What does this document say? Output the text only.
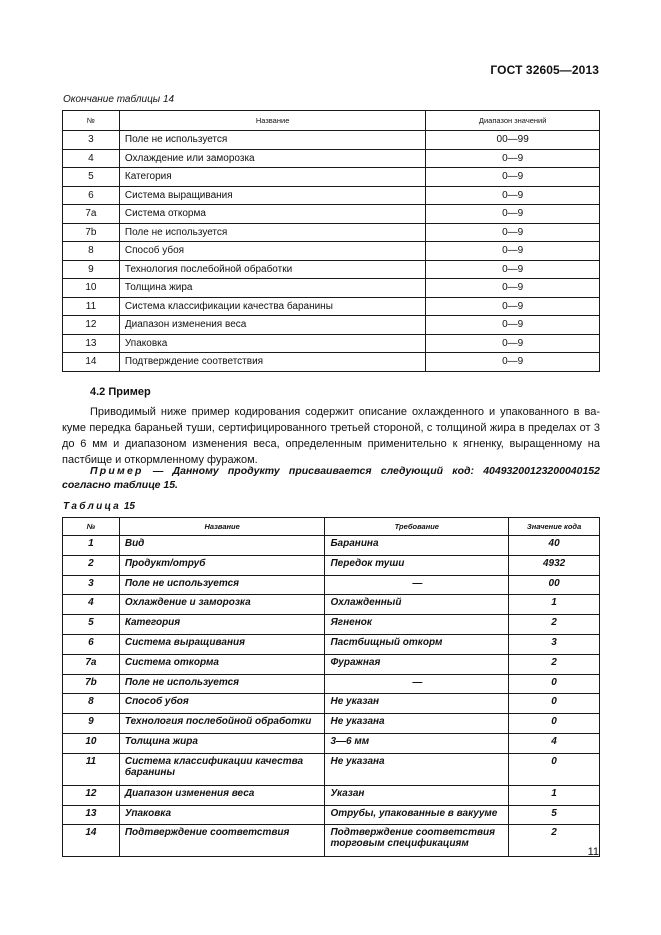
ГОСТ 32605—2013
Окончание таблицы 14
№	Название	Диапазон значений
3	Поле не используется	00—99
4	Охлаждение или заморозка	0—9
5	Категория	0—9
6	Система выращивания	0—9
7a	Система откорма	0—9
7b	Поле не используется	0—9
8	Способ убоя	0—9
9	Технология послебойной обработки	0—9
10	Толщина жира	0—9
11	Система классификации качества баранины	0—9
12	Диапазон изменения веса	0—9
13	Упаковка	0—9
14	Подтверждение соответствия	0—9
4.2 Пример

Приводимый ниже пример кодирования содержит описание охлажденного и упакованного в ва-куме передка бараньей туши, сертифицированного третьей стороной, с толщиной жира в пределах от 3 до 6 мм и диапазоном изменения веса, определенным применительно к ягненку, выращенному на пастбище и откормленному фуражом.

Пример — Данному продукту присваивается следующий код: 40493200123200040152 согласно таблице 15.

Таблица 15
№	Название	Требование	Значение кода
1	Вид	Баранина	40
2	Продукт/отруб	Передок туши	4932
3	Поле не используется	—	00
4	Охлаждение и заморозка	Охлажденный	1
5	Категория	Ягненок	2
6	Система выращивания	Пастбищный откорм	3
7a	Система откорма	Фуражная	2
7b	Поле не используется	—	0
8	Способ убоя	Не указан	0
9	Технология послебойной обработки	Не указана	0
10	Толщина жира	3—6 мм	4
11	Система классификации качества баранины	Не указана	0
12	Диапазон изменения веса	Указан	1
13	Упаковка	Отрубы, упакованные в вакууме	5
14	Подтверждение соответствия	Подтверждение соответствия торговым спецификациям	2
11
